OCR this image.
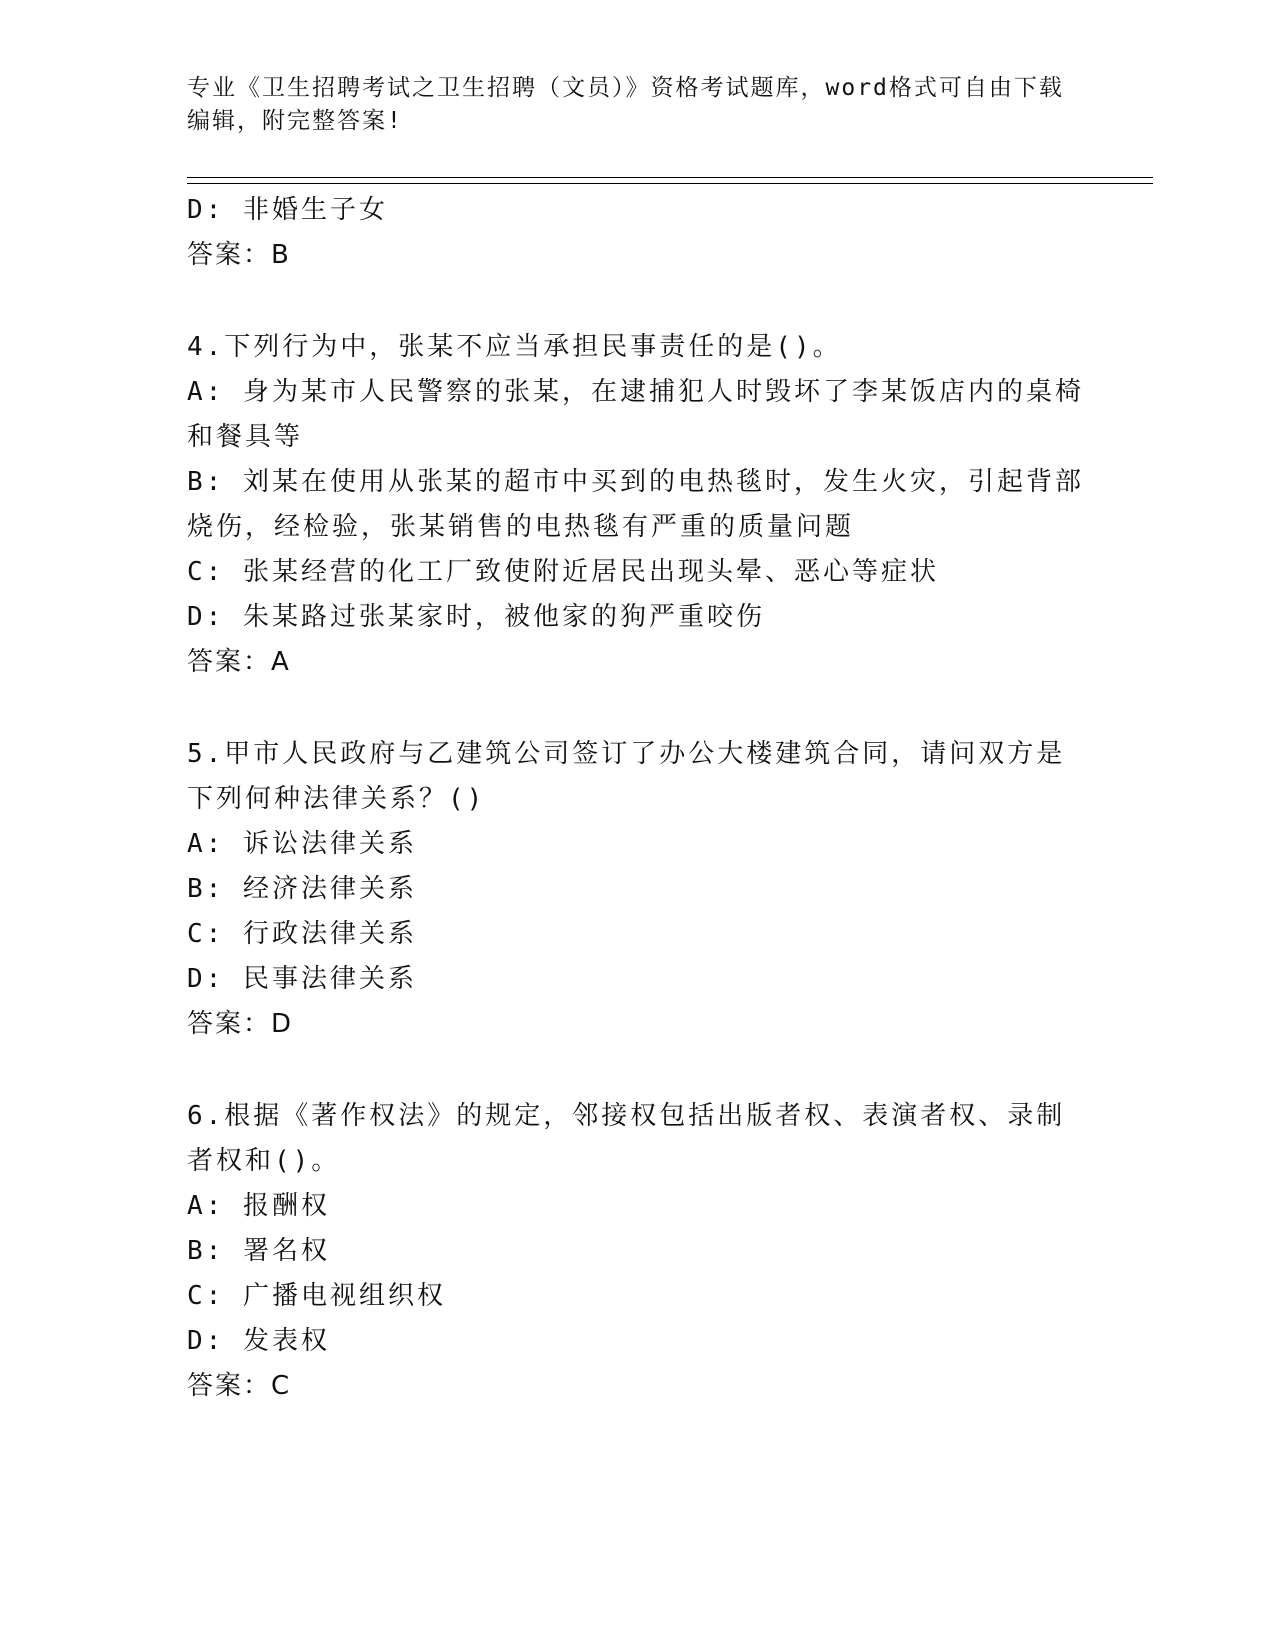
专业《卫生招聘考试之卫生招聘（文员）》资格考试题库，word格式可自由下载
编辑，附完整答案!
D: 非婚生子女
答案：B
4.下列行为中，张某不应当承担民事责任的是()。
A: 身为某市人民警察的张某，在逮捕犯人时毁坏了李某饭店内的桌椅
和餐具等
B: 刘某在使用从张某的超市中买到的电热毯时，发生火灾，引起背部
烧伤，经检验，张某销售的电热毯有严重的质量问题
C: 张某经营的化工厂致使附近居民出现头晕、恶心等症状
D: 朱某路过张某家时，被他家的狗严重咬伤
答案：A
5.甲市人民政府与乙建筑公司签订了办公大楼建筑合同，请问双方是
下列何种法律关系？()
A: 诉讼法律关系
B: 经济法律关系
C: 行政法律关系
D: 民事法律关系
答案：D
6.根据《著作权法》的规定，邻接权包括出版者权、表演者权、录制
者权和()。
A: 报酬权
B: 署名权
C: 广播电视组织权
D: 发表权
答案：C
